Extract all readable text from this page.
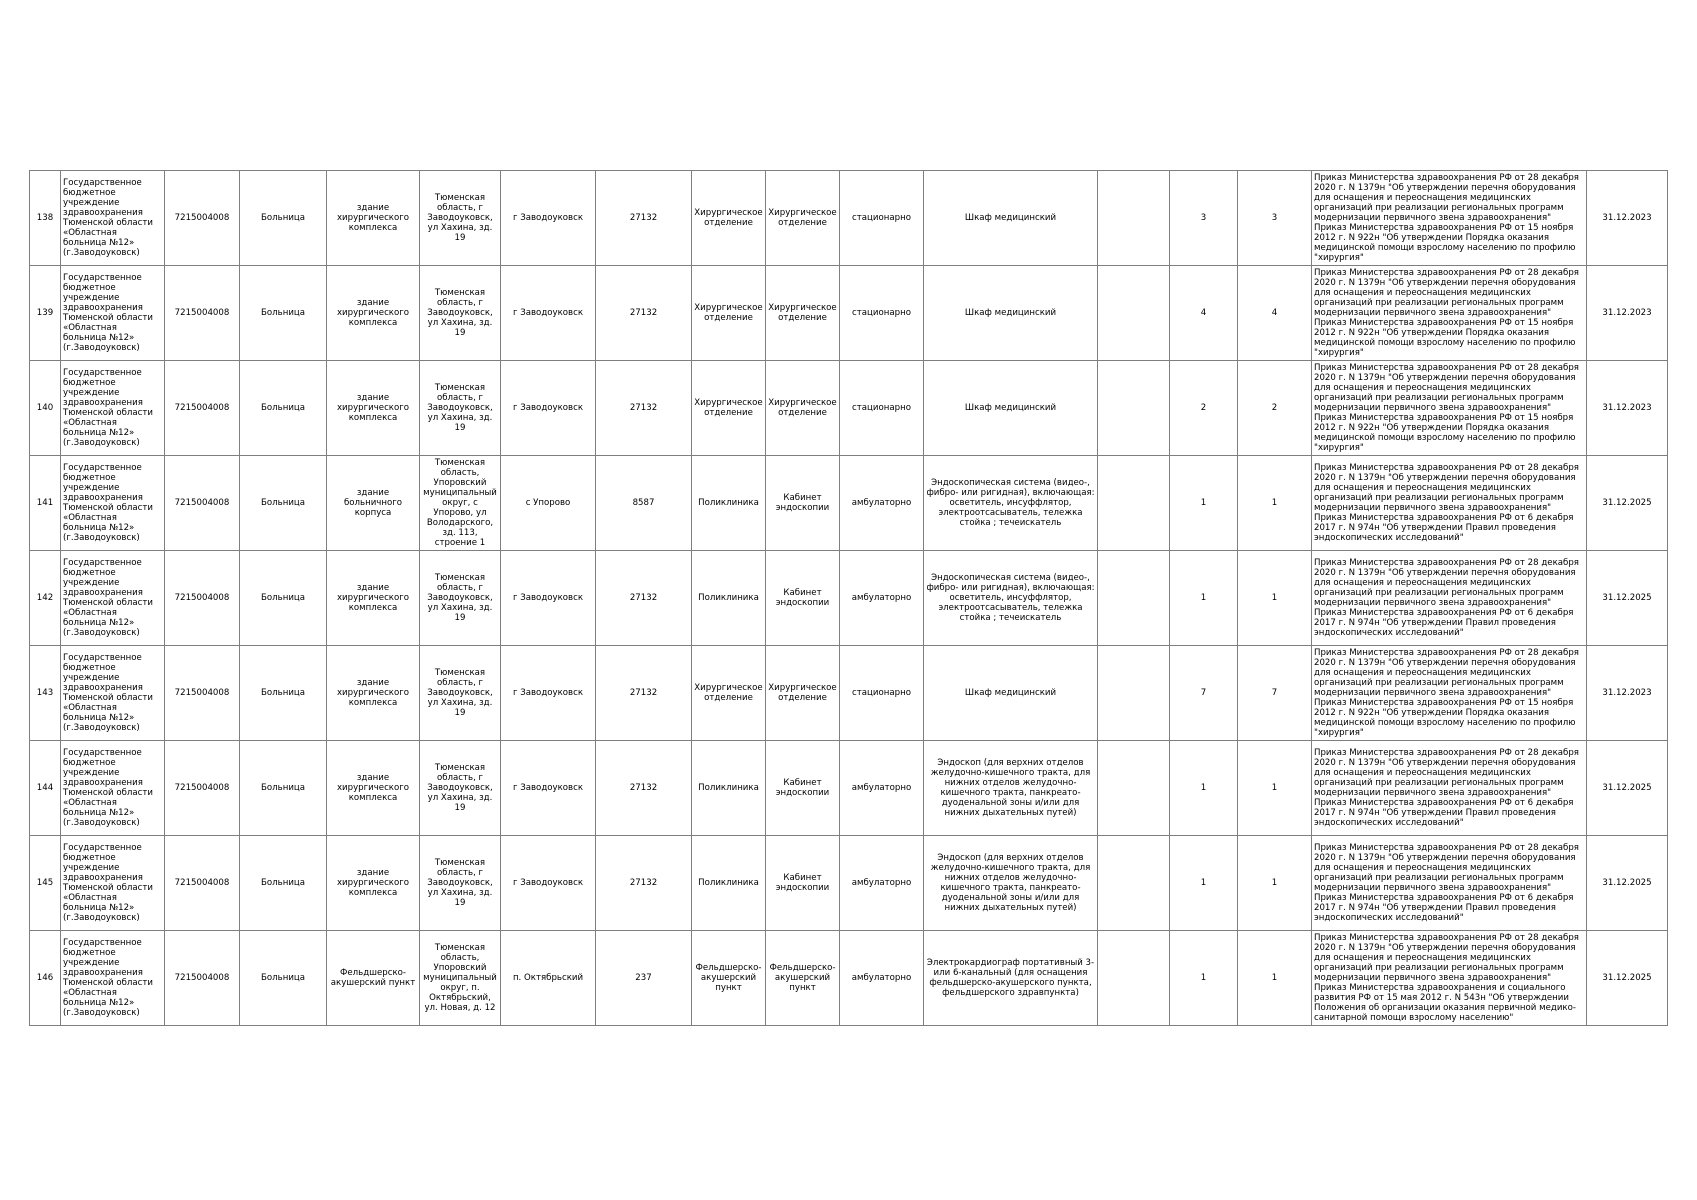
138	Государственное бюджетное учреждение здравоохранения Тюменской области «Областная больница №12» (г.Заводоуковск)	7215004008	Больница	здание хирургического комплекса	Тюменская область, г Заводоуковск, ул Хахина, зд. 19	г Заводоуковск	27132	Хирургическое отделение	Хирургическое отделение	стационарно	Шкаф медицинский		3	3	Приказ Министерства здравоохранения РФ от 28 декабря 2020 г. N 1379н "Об утверждении перечня оборудования для оснащения и переоснащения медицинских организаций при реализации региональных программ модернизации первичного звена здравоохранения"
Приказ Министерства здравоохранения РФ от 15 ноября 2012 г. N 922н "Об утверждении Порядка оказания медицинской помощи взрослому населению по профилю "хирургия"	31.12.2023
139	Государственное бюджетное учреждение здравоохранения Тюменской области «Областная больница №12» (г.Заводоуковск)	7215004008	Больница	здание хирургического комплекса	Тюменская область, г Заводоуковск, ул Хахина, зд. 19	г Заводоуковск	27132	Хирургическое отделение	Хирургическое отделение	стационарно	Шкаф медицинский		4	4	Приказ Министерства здравоохранения РФ от 28 декабря 2020 г. N 1379н "Об утверждении перечня оборудования для оснащения и переоснащения медицинских организаций при реализации региональных программ модернизации первичного звена здравоохранения"
Приказ Министерства здравоохранения РФ от 15 ноября 2012 г. N 922н "Об утверждении Порядка оказания медицинской помощи взрослому населению по профилю "хирургия"	31.12.2023
140	Государственное бюджетное учреждение здравоохранения Тюменской области «Областная больница №12» (г.Заводоуковск)	7215004008	Больница	здание хирургического комплекса	Тюменская область, г Заводоуковск, ул Хахина, зд. 19	г Заводоуковск	27132	Хирургическое отделение	Хирургическое отделение	стационарно	Шкаф медицинский		2	2	Приказ Министерства здравоохранения РФ от 28 декабря 2020 г. N 1379н "Об утверждении перечня оборудования для оснащения и переоснащения медицинских организаций при реализации региональных программ модернизации первичного звена здравоохранения"
Приказ Министерства здравоохранения РФ от 15 ноября 2012 г. N 922н "Об утверждении Порядка оказания медицинской помощи взрослому населению по профилю "хирургия"	31.12.2023
141	Государственное бюджетное учреждение здравоохранения Тюменской области «Областная больница №12» (г.Заводоуковск)	7215004008	Больница	здание больничного корпуса	Тюменская область, Упоровский муниципальный округ, с Упорово, ул Володарского, зд. 113, строение 1	с Упорово	8587	Поликлиника	Кабинет эндоскопии	амбулаторно	Эндоскопическая система (видео-, фибро- или ригидная), включающая: осветитель, инсуффлятор, электроотсасыватель, тележка стойка ; течеискатель		1	1	Приказ Министерства здравоохранения РФ от 28 декабря 2020 г. N 1379н "Об утверждении перечня оборудования для оснащения и переоснащения медицинских организаций при реализации региональных программ модернизации первичного звена здравоохранения"
Приказ Министерства здравоохранения РФ от 6 декабря 2017 г. N 974н "Об утверждении Правил проведения эндоскопических исследований"	31.12.2025
142	Государственное бюджетное учреждение здравоохранения Тюменской области «Областная больница №12» (г.Заводоуковск)	7215004008	Больница	здание хирургического комплекса	Тюменская область, г Заводоуковск, ул Хахина, зд. 19	г Заводоуковск	27132	Поликлиника	Кабинет эндоскопии	амбулаторно	Эндоскопическая система (видео-, фибро- или ригидная), включающая: осветитель, инсуффлятор, электроотсасыватель, тележка стойка ; течеискатель		1	1	Приказ Министерства здравоохранения РФ от 28 декабря 2020 г. N 1379н "Об утверждении перечня оборудования для оснащения и переоснащения медицинских организаций при реализации региональных программ модернизации первичного звена здравоохранения"
Приказ Министерства здравоохранения РФ от 6 декабря 2017 г. N 974н "Об утверждении Правил проведения эндоскопических исследований"	31.12.2025
143	Государственное бюджетное учреждение здравоохранения Тюменской области «Областная больница №12» (г.Заводоуковск)	7215004008	Больница	здание хирургического комплекса	Тюменская область, г Заводоуковск, ул Хахина, зд. 19	г Заводоуковск	27132	Хирургическое отделение	Хирургическое отделение	стационарно	Шкаф медицинский		7	7	Приказ Министерства здравоохранения РФ от 28 декабря 2020 г. N 1379н "Об утверждении перечня оборудования для оснащения и переоснащения медицинских организаций при реализации региональных программ модернизации первичного звена здравоохранения"
Приказ Министерства здравоохранения РФ от 15 ноября 2012 г. N 922н "Об утверждении Порядка оказания медицинской помощи взрослому населению по профилю "хирургия"	31.12.2023
144	Государственное бюджетное учреждение здравоохранения Тюменской области «Областная больница №12» (г.Заводоуковск)	7215004008	Больница	здание хирургического комплекса	Тюменская область, г Заводоуковск, ул Хахина, зд. 19	г Заводоуковск	27132	Поликлиника	Кабинет эндоскопии	амбулаторно	Эндоскоп (для верхних отделов желудочно-кишечного тракта, для нижних отделов желудочно-кишечного тракта, панкреато-дуоденальной зоны и/или для нижних дыхательных путей)		1	1	Приказ Министерства здравоохранения РФ от 28 декабря 2020 г. N 1379н "Об утверждении перечня оборудования для оснащения и переоснащения медицинских организаций при реализации региональных программ модернизации первичного звена здравоохранения"
Приказ Министерства здравоохранения РФ от 6 декабря 2017 г. N 974н "Об утверждении Правил проведения эндоскопических исследований"	31.12.2025
145	Государственное бюджетное учреждение здравоохранения Тюменской области «Областная больница №12» (г.Заводоуковск)	7215004008	Больница	здание хирургического комплекса	Тюменская область, г Заводоуковск, ул Хахина, зд. 19	г Заводоуковск	27132	Поликлиника	Кабинет эндоскопии	амбулаторно	Эндоскоп (для верхних отделов желудочно-кишечного тракта, для нижних отделов желудочно-кишечного тракта, панкреато-дуоденальной зоны и/или для нижних дыхательных путей)		1	1	Приказ Министерства здравоохранения РФ от 28 декабря 2020 г. N 1379н "Об утверждении перечня оборудования для оснащения и переоснащения медицинских организаций при реализации региональных программ модернизации первичного звена здравоохранения"
Приказ Министерства здравоохранения РФ от 6 декабря 2017 г. N 974н "Об утверждении Правил проведения эндоскопических исследований"	31.12.2025
146	Государственное бюджетное учреждение здравоохранения Тюменской области «Областная больница №12» (г.Заводоуковск)	7215004008	Больница	Фельдшерско-акушерский пункт	Тюменская область, Упоровский муниципальный округ, п. Октябрьский, ул. Новая, д. 12	п. Октябрьский	237	Фельдшерско-акушерский пункт	Фельдшерско-акушерский пункт	амбулаторно	Электрокардиограф портативный 3- или 6-канальный (для оснащения фельдшерско-акушерского пункта, фельдшерского здравпункта)		1	1	Приказ Министерства здравоохранения РФ от 28 декабря 2020 г. N 1379н "Об утверждении перечня оборудования для оснащения и переоснащения медицинских организаций при реализации региональных программ модернизации первичного звена здравоохранения"
Приказ Министерства здравоохранения и социального развития РФ от 15 мая 2012 г. N 543н "Об утверждении Положения об организации оказания первичной медико-санитарной помощи взрослому населению"	31.12.2025
